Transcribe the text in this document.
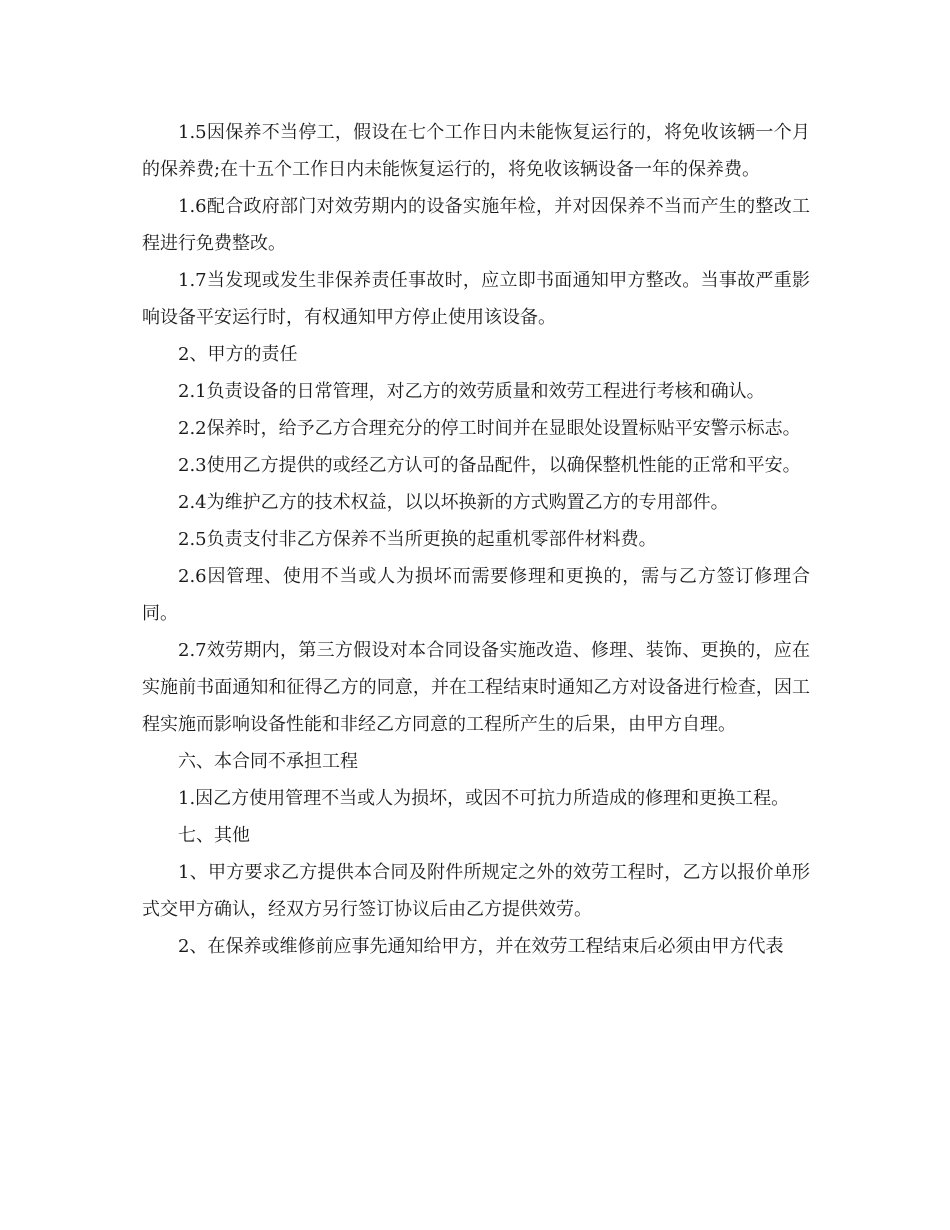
1.5因保养不当停工，假设在七个工作日内未能恢复运行的，将免收该辆一个月的保养费;在十五个工作日内未能恢复运行的，将免收该辆设备一年的保养费。

1.6配合政府部门对效劳期内的设备实施年检，并对因保养不当而产生的整改工程进行免费整改。

1.7当发现或发生非保养责任事故时，应立即书面通知甲方整改。当事故严重影响设备平安运行时，有权通知甲方停止使用该设备。

2、甲方的责任

2.1负责设备的日常管理，对乙方的效劳质量和效劳工程进行考核和确认。

2.2保养时，给予乙方合理充分的停工时间并在显眼处设置标贴平安警示标志。

2.3使用乙方提供的或经乙方认可的备品配件，以确保整机性能的正常和平安。

2.4为维护乙方的技术权益，以以坏换新的方式购置乙方的专用部件。

2.5负责支付非乙方保养不当所更换的起重机零部件材料费。

2.6因管理、使用不当或人为损坏而需要修理和更换的，需与乙方签订修理合同。

2.7效劳期内，第三方假设对本合同设备实施改造、修理、装饰、更换的，应在实施前书面通知和征得乙方的同意，并在工程结束时通知乙方对设备进行检查，因工程实施而影响设备性能和非经乙方同意的工程所产生的后果，由甲方自理。

六、本合同不承担工程

1.因乙方使用管理不当或人为损坏，或因不可抗力所造成的修理和更换工程。

七、其他

1、甲方要求乙方提供本合同及附件所规定之外的效劳工程时，乙方以报价单形式交甲方确认，经双方另行签订协议后由乙方提供效劳。

2、在保养或维修前应事先通知给甲方，并在效劳工程结束后必须由甲方代表
